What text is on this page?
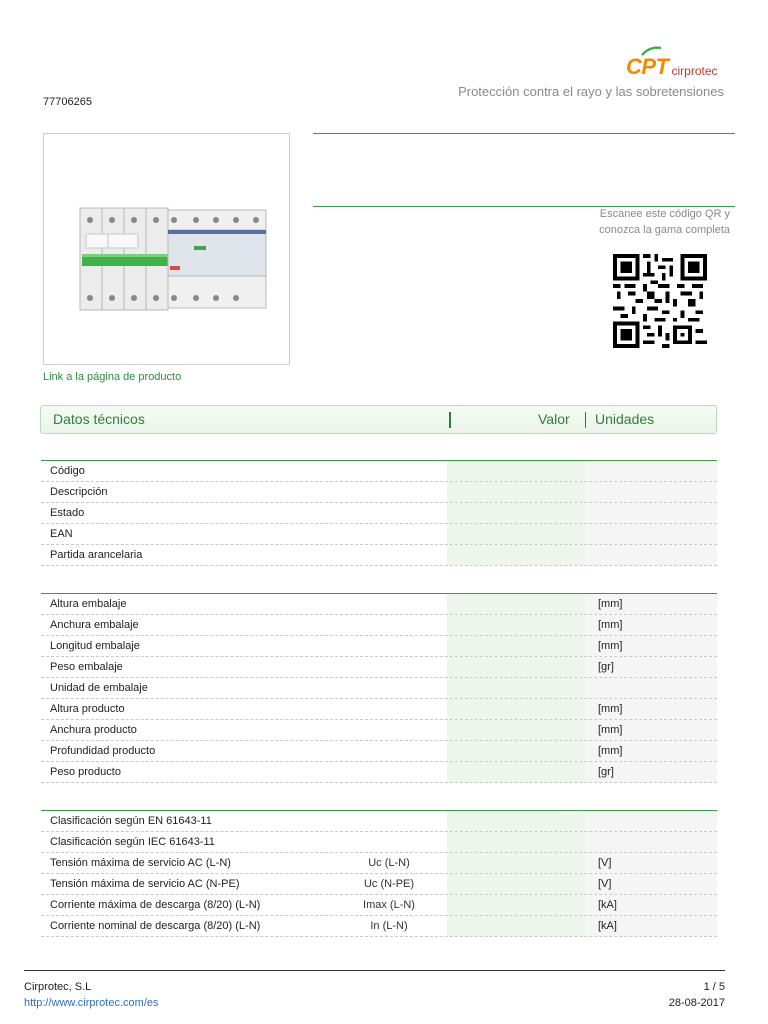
CPT cirprotec
Protección contra el rayo y las sobretensiones
77706265
Link a la página de producto
Escanee este código QR y conozca la gama completa
Datos técnicos	Valor Unidades
Código
Descripción
Estado
EAN
Partida arancelaria
Altura embalaje	[mm]
Anchura embalaje	[mm]
Longitud embalaje	[mm]
Peso embalaje	[gr]
Unidad de embalaje
Altura producto	[mm]
Anchura producto	[mm]
Profundidad producto	[mm]
Peso producto	[gr]
Clasificación según EN 61643-11
Clasificación según IEC 61643-11
Tensión máxima de servicio AC (L-N)	Uc (L-N)	[V]
Tensión máxima de servicio AC (N-PE)	Uc (N-PE)	[V]
Corriente máxima de descarga (8/20) (L-N)	Imax (L-N)	[kA]
Corriente nominal de descarga (8/20) (L-N)	In (L-N)	[kA]
Cirprotec, S.L
http://www.cirprotec.com/es
1 / 5
28-08-2017
